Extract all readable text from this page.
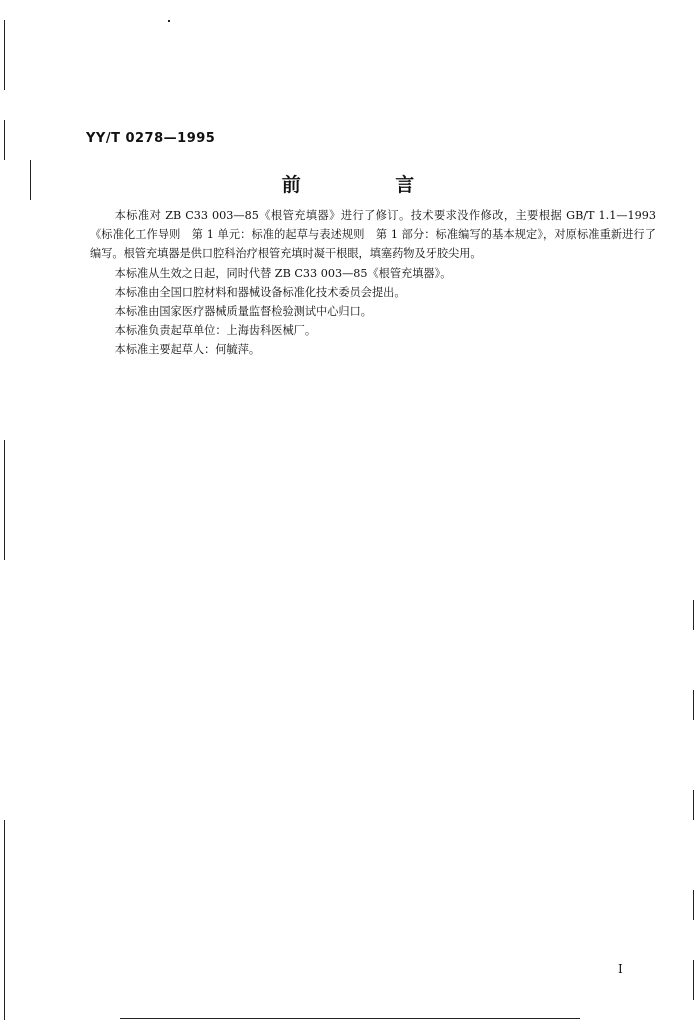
YY/T 0278—1995
前 言

本标准对 ZB C33 003—85《根管充填器》进行了修订。技术要求没作修改，主要根据 GB/T 1.1—1993《标准化工作导则　第 1 单元：标准的起草与表述规则　第 1 部分：标准编写的基本规定》，对原标准重新进行了编写。根管充填器是供口腔科治疗根管充填时凝干根眼，填塞药物及牙胶尖用。

本标准从生效之日起，同时代替 ZB C33 003—85《根管充填器》。

本标准由全国口腔材料和器械设备标准化技术委员会提出。

本标准由国家医疗器械质量监督检验测试中心归口。

本标准负责起草单位：上海齿科医械厂。

本标准主要起草人：何毓萍。

I
